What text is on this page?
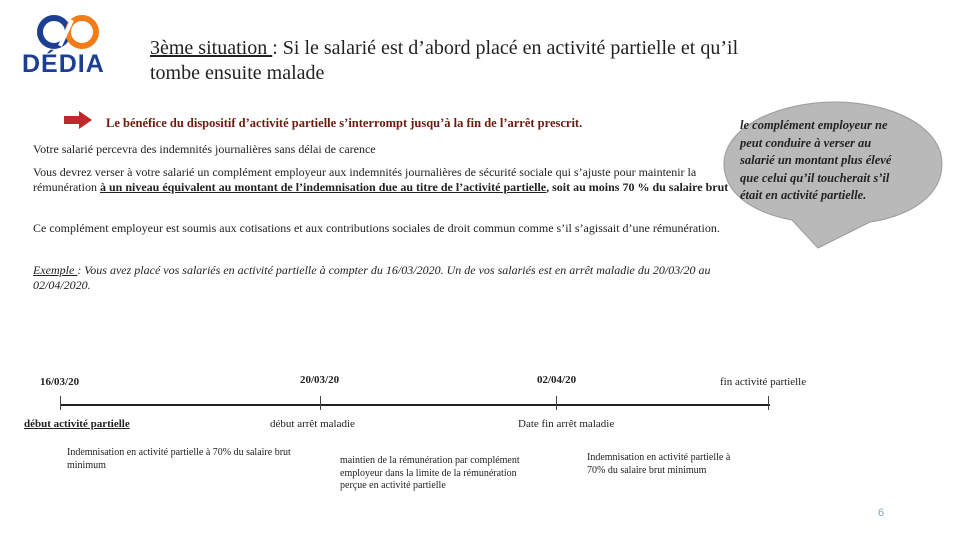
DÉDIA
3ème situation : Si le salarié est d’abord placé en activité partielle et qu’il tombe ensuite malade
Le bénéfice du dispositif d’activité partielle s’interrompt jusqu’à la fin de l’arrêt prescrit.
Votre salarié percevra des indemnités journalières sans délai de carence
Vous devrez verser à votre salarié un complément employeur aux indemnités journalières de sécurité sociale qui s’ajuste pour maintenir la rémunération à un niveau équivalent au montant de l’indemnisation due au titre de l’activité partielle, soit au moins 70 % du salaire brut
Ce complément employeur est soumis aux cotisations et aux contributions sociales de droit commun comme s’il s’agissait d’une rémunération.
Exemple : Vous avez placé vos salariés en activité partielle à compter du 16/03/2020. Un de vos salariés est en arrêt maladie du 20/03/20 au 02/04/2020.
le complément employeur ne peut conduire à verser au salarié un montant plus élevé que celui qu’il toucherait s’il était en activité partielle.
16/03/20	20/03/20	02/04/20	fin activité partielle
début activité partielle	début arrêt maladie	Date fin arrêt maladie
Indemnisation en activité partielle à 70% du salaire brut minimum	maintien de la rémunération par complément employeur dans la limite de la rémunération perçue en activité partielle
Indemnisation en activité partielle à 70% du salaire brut minimum
6
